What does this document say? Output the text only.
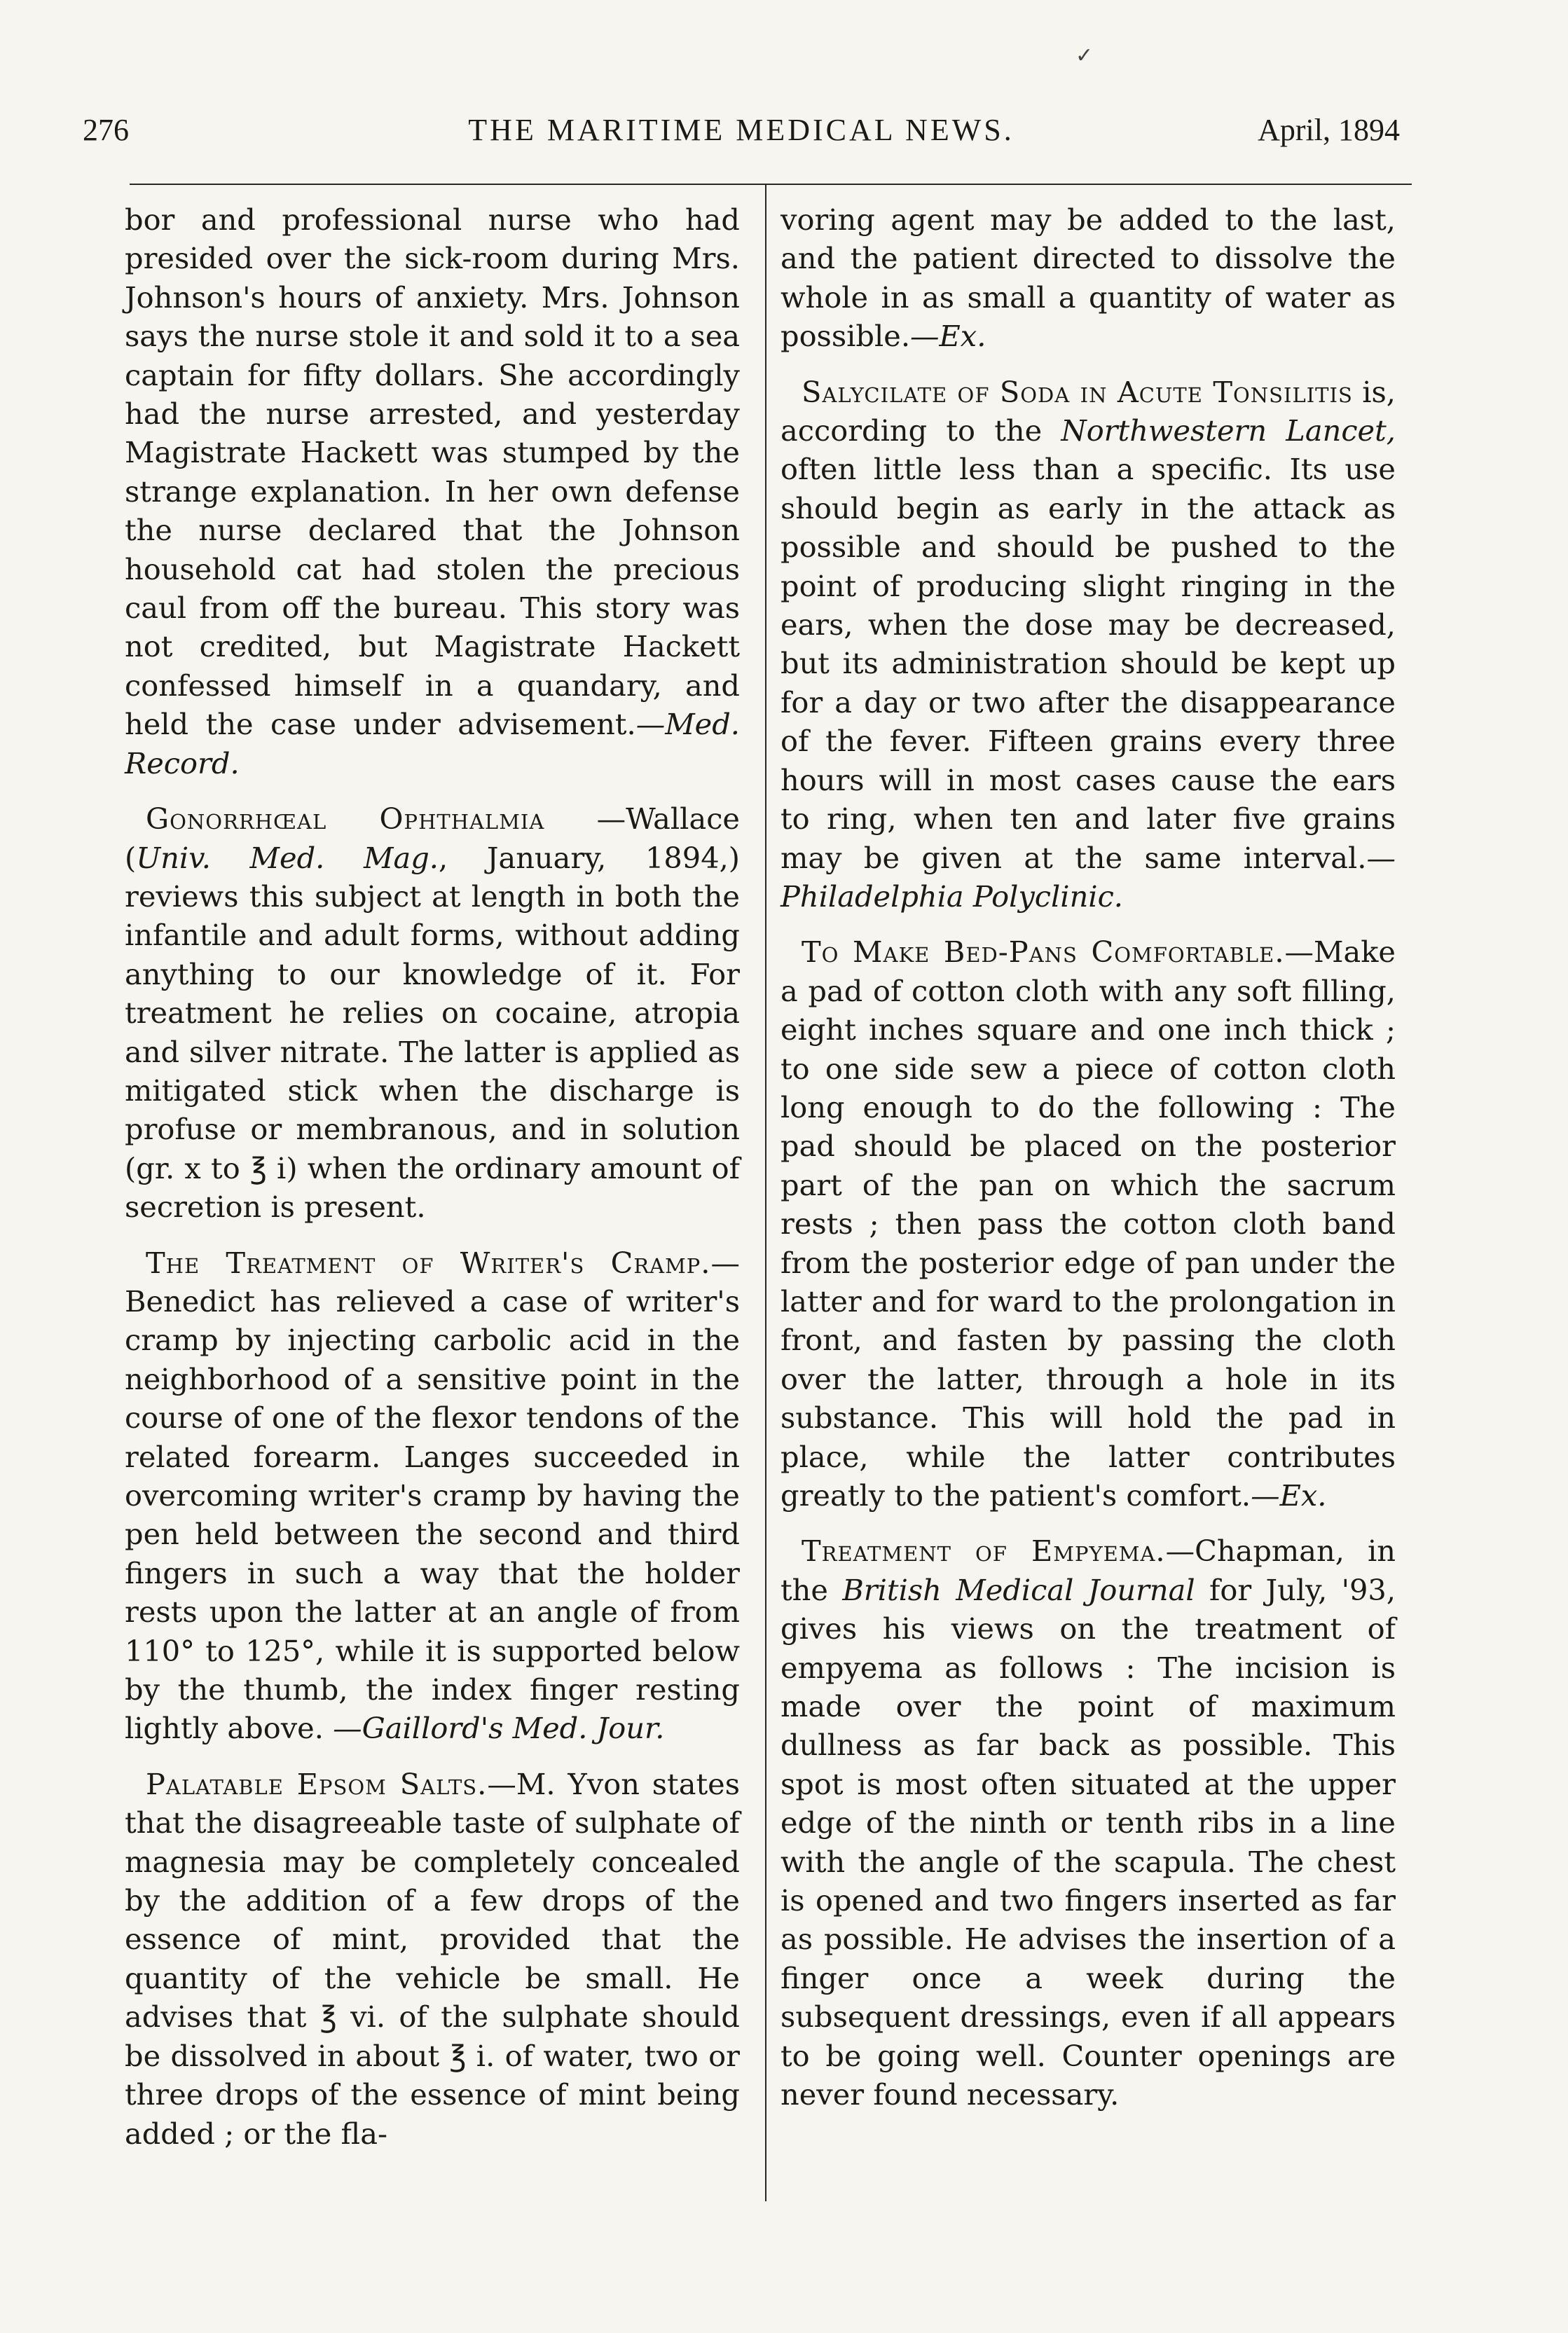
✓
276	THE MARITIME MEDICAL NEWS.	April, 1894

bor and professional nurse who had presided over the sick-room during Mrs. Johnson's hours of anxiety. Mrs. Johnson says the nurse stole it and sold it to a sea captain for fifty dollars. She accordingly had the nurse arrested, and yesterday Magistrate Hackett was stumped by the strange explanation. In her own defense the nurse declared that the Johnson household cat had stolen the precious caul from off the bureau. This story was not credited, but Magistrate Hackett confessed himself in a quandary, and held the case under advisement.—Med. Record.

Gonorrhœal Ophthalmia —Wallace (Univ. Med. Mag., January, 1894,) reviews this subject at length in both the infantile and adult forms, without adding anything to our knowledge of it. For treatment he relies on cocaine, atropia and silver nitrate. The latter is applied as mitigated stick when the discharge is profuse or membranous, and in solution (gr. x to ℥ i) when the ordinary amount of secretion is present.

The Treatment of Writer's Cramp.—Benedict has relieved a case of writer's cramp by injecting carbolic acid in the neighborhood of a sensitive point in the course of one of the flexor tendons of the related forearm. Langes succeeded in overcoming writer's cramp by having the pen held between the second and third fingers in such a way that the holder rests upon the latter at an angle of from 110° to 125°, while it is supported below by the thumb, the index finger resting lightly above. —Gaillord's Med. Jour.

Palatable Epsom Salts.—M. Yvon states that the disagreeable taste of sulphate of magnesia may be completely concealed by the addition of a few drops of the essence of mint, provided that the quantity of the vehicle be small. He advises that ℥ vi. of the sulphate should be dissolved in about ℥ i. of water, two or three drops of the essence of mint being added ; or the fla-

voring agent may be added to the last, and the patient directed to dissolve the whole in as small a quantity of water as possible.—Ex.

Salycilate of Soda in Acute Tonsilitis is, according to the Northwestern Lancet, often little less than a specific. Its use should begin as early in the attack as possible and should be pushed to the point of producing slight ringing in the ears, when the dose may be decreased, but its administration should be kept up for a day or two after the disappearance of the fever. Fifteen grains every three hours will in most cases cause the ears to ring, when ten and later five grains may be given at the same interval.—Philadelphia Polyclinic.

To Make Bed-Pans Comfortable.—Make a pad of cotton cloth with any soft filling, eight inches square and one inch thick ; to one side sew a piece of cotton cloth long enough to do the following : The pad should be placed on the posterior part of the pan on which the sacrum rests ; then pass the cotton cloth band from the posterior edge of pan under the latter and for ward to the prolongation in front, and fasten by passing the cloth over the latter, through a hole in its substance. This will hold the pad in place, while the latter contributes greatly to the patient's comfort.—Ex.

Treatment of Empyema.—Chapman, in the British Medical Journal for July, '93, gives his views on the treatment of empyema as follows : The incision is made over the point of maximum dullness as far back as possible. This spot is most often situated at the upper edge of the ninth or tenth ribs in a line with the angle of the scapula. The chest is opened and two fingers inserted as far as possible. He advises the insertion of a finger once a week during the subsequent dressings, even if all appears to be going well. Counter openings are never found necessary.
